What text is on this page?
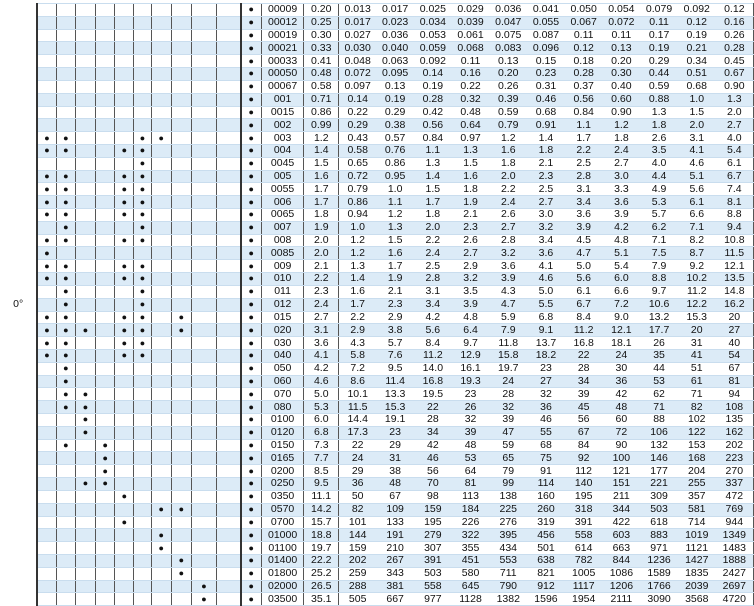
0°											●	00009	0.20	0.013	0.017	0.025	0.029	0.036	0.041	0.050	0.054	0.079	0.092	0.12
											●	00012	0.25	0.017	0.023	0.034	0.039	0.047	0.055	0.067	0.072	0.11	0.12	0.16
											●	00019	0.30	0.027	0.036	0.053	0.061	0.075	0.087	0.11	0.11	0.17	0.19	0.26
											●	00021	0.33	0.030	0.040	0.059	0.068	0.083	0.096	0.12	0.13	0.19	0.21	0.28
											●	00033	0.41	0.048	0.063	0.092	0.11	0.13	0.15	0.18	0.20	0.29	0.34	0.45
											●	00050	0.48	0.072	0.095	0.14	0.16	0.20	0.23	0.28	0.30	0.44	0.51	0.67
											●	00067	0.58	0.097	0.13	0.19	0.22	0.26	0.31	0.37	0.40	0.59	0.68	0.90
											●	001	0.71	0.14	0.19	0.28	0.32	0.39	0.46	0.56	0.60	0.88	1.0	1.3
											●	0015	0.86	0.22	0.29	0.42	0.48	0.59	0.68	0.84	0.90	1.3	1.5	2.0
											●	002	0.99	0.29	0.38	0.56	0.64	0.79	0.91	1.1	1.2	1.8	2.0	2.7
	●	●				●	●				●	003	1.2	0.43	0.57	0.84	0.97	1.2	1.4	1.7	1.8	2.6	3.1	4.0
	●	●			●	●					●	004	1.4	0.58	0.76	1.1	1.3	1.6	1.8	2.2	2.4	3.5	4.1	5.4
						●					●	0045	1.5	0.65	0.86	1.3	1.5	1.8	2.1	2.5	2.7	4.0	4.6	6.1
	●	●			●	●					●	005	1.6	0.72	0.95	1.4	1.6	2.0	2.3	2.8	3.0	4.4	5.1	6.7
	●	●			●	●					●	0055	1.7	0.79	1.0	1.5	1.8	2.2	2.5	3.1	3.3	4.9	5.6	7.4
	●	●			●	●					●	006	1.7	0.86	1.1	1.7	1.9	2.4	2.7	3.4	3.6	5.3	6.1	8.1
	●	●			●	●					●	0065	1.8	0.94	1.2	1.8	2.1	2.6	3.0	3.6	3.9	5.7	6.6	8.8
		●				●					●	007	1.9	1.0	1.3	2.0	2.3	2.7	3.2	3.9	4.2	6.2	7.1	9.4
	●	●			●	●					●	008	2.0	1.2	1.5	2.2	2.6	2.8	3.4	4.5	4.8	7.1	8.2	10.8
	●										●	0085	2.0	1.2	1.6	2.4	2.7	3.2	3.6	4.7	5.1	7.5	8.7	11.5
	●	●			●	●					●	009	2.1	1.3	1.7	2.5	2.9	3.6	4.1	5.0	5.4	7.9	9.2	12.1
	●	●			●	●					●	010	2.2	1.4	1.9	2.8	3.2	3.9	4.6	5.6	6.0	8.8	10.2	13.5
		●				●					●	011	2.3	1.6	2.1	3.1	3.5	4.3	5.0	6.1	6.6	9.7	11.2	14.8
		●				●					●	012	2.4	1.7	2.3	3.4	3.9	4.7	5.5	6.7	7.2	10.6	12.2	16.2
	●	●			●	●		●			●	015	2.7	2.2	2.9	4.2	4.8	5.9	6.8	8.4	9.0	13.2	15.3	20
	●	●	●		●	●		●			●	020	3.1	2.9	3.8	5.6	6.4	7.9	9.1	11.2	12.1	17.7	20	27
	●	●			●	●					●	030	3.6	4.3	5.7	8.4	9.7	11.8	13.7	16.8	18.1	26	31	40
	●	●			●	●					●	040	4.1	5.8	7.6	11.2	12.9	15.8	18.2	22	24	35	41	54
		●									●	050	4.2	7.2	9.5	14.0	16.1	19.7	23	28	30	44	51	67
		●									●	060	4.6	8.6	11.4	16.8	19.3	24	27	34	36	53	61	81
		●	●								●	070	5.0	10.1	13.3	19.5	23	28	32	39	42	62	71	94
		●	●								●	080	5.3	11.5	15.3	22	26	32	36	45	48	71	82	108
			●								●	0100	6.0	14.4	19.1	28	32	39	46	56	60	88	102	135
			●								●	0120	6.8	17.3	23	34	39	47	55	67	72	106	122	162
		●		●							●	0150	7.3	22	29	42	48	59	68	84	90	132	153	202
				●							●	0165	7.7	24	31	46	53	65	75	92	100	146	168	223
				●							●	0200	8.5	29	38	56	64	79	91	112	121	177	204	270
			●	●							●	0250	9.5	36	48	70	81	99	114	140	151	221	255	337
					●						●	0350	11.1	50	67	98	113	138	160	195	211	309	357	472
							●	●			●	0570	14.2	82	109	159	184	225	260	318	344	503	581	769
					●						●	0700	15.7	101	133	195	226	276	319	391	422	618	714	944
							●				●	01000	18.8	144	191	279	322	395	456	558	603	883	1019	1349
							●				●	01100	19.7	159	210	307	355	434	501	614	663	971	1121	1483
								●			●	01400	22.2	202	267	391	451	553	638	782	844	1236	1427	1888
								●			●	01800	25.2	259	343	503	580	711	821	1005	1086	1589	1835	2427
									●		●	02000	26.5	288	381	558	645	790	912	1117	1206	1766	2039	2697
									●		●	03500	35.1	505	667	977	1128	1382	1596	1954	2111	3090	3568	4720
